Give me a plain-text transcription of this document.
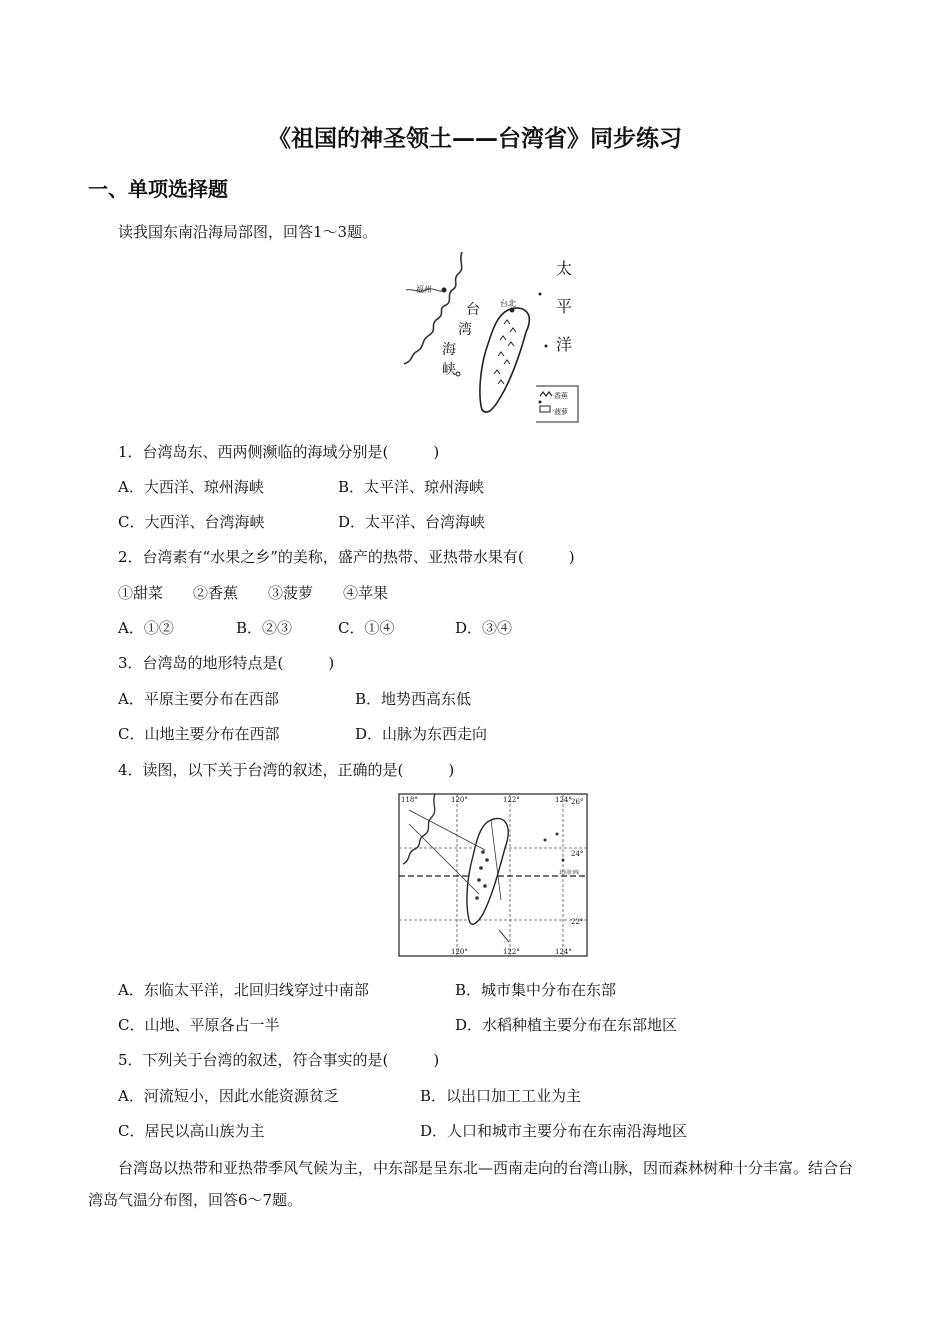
《祖国的神圣领土——台湾省》同步练习
一、单项选择题
读我国东南沿海局部图，回答1～3题。
福州
台北
台
湾
海
峡
太
平
洋
香蕉
菠萝
1．台湾岛东、西两侧濒临的海域分别是(　　　)
A．大西洋、琼州海峡	B．太平洋、琼州海峡
C．大西洋、台湾海峡	D．太平洋、台湾海峡
2．台湾素有“水果之乡”的美称，盛产的热带、亚热带水果有(　　　)
①甜菜　　②香蕉　　③菠萝　　④苹果
A．①②	B．②③	C．①④	D．③④
3．台湾岛的地形特点是(　　　)
A．平原主要分布在西部	B．地势西高东低
C．山地主要分布在西部	D．山脉为东西走向
4．读图，以下关于台湾的叙述，正确的是(　　　)
118°	120°	122°	124°
120°	122°	124°
26°
24°
22°
北回归线
A．东临太平洋，北回归线穿过中南部	B．城市集中分布在东部
C．山地、平原各占一半	D．水稻种植主要分布在东部地区
5．下列关于台湾的叙述，符合事实的是(　　　)
A．河流短小，因此水能资源贫乏	B．以出口加工工业为主
C．居民以高山族为主	D．人口和城市主要分布在东南沿海地区
台湾岛以热带和亚热带季风气候为主，中东部是呈东北—西南走向的台湾山脉，因而森林树种十分丰富。结合台湾岛气温分布图，回答6～7题。
